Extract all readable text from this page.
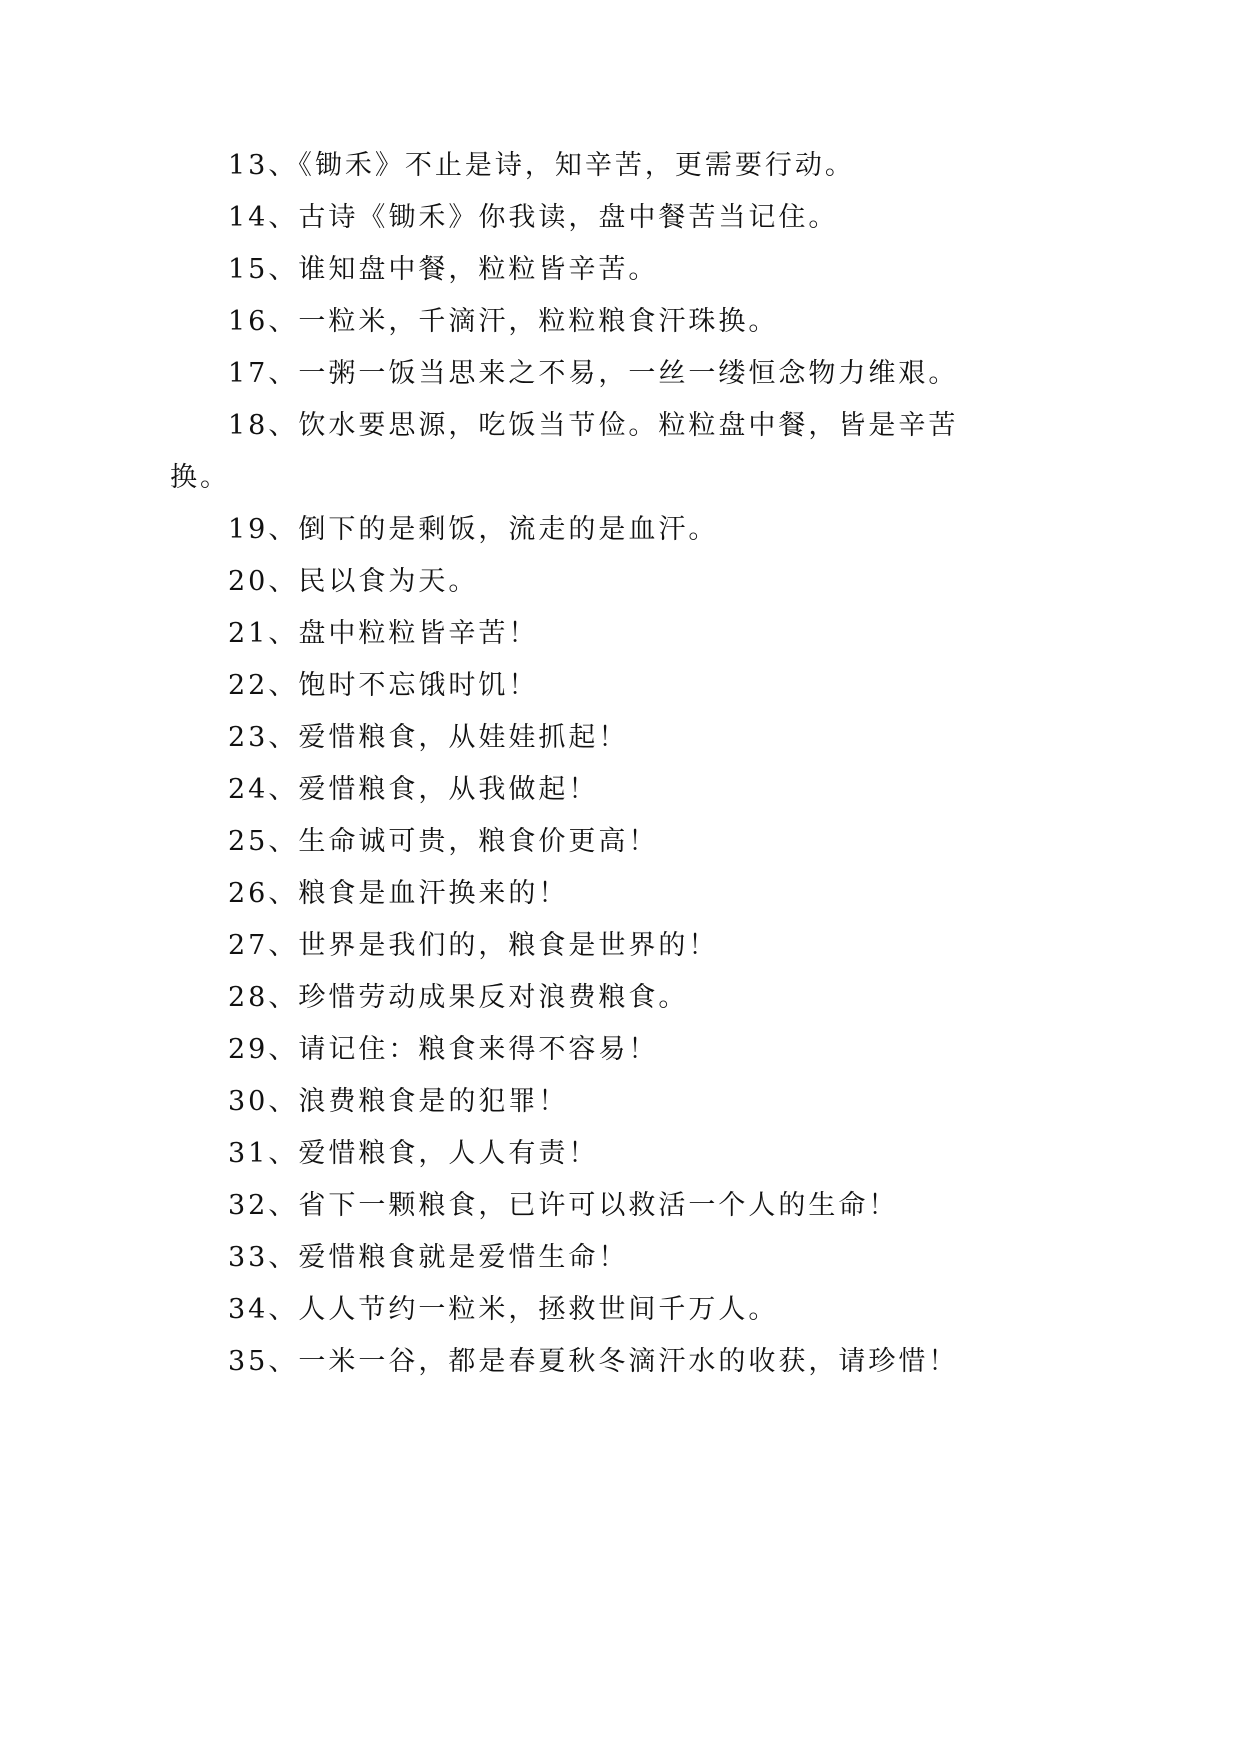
13、《锄禾》不止是诗，知辛苦，更需要行动。

14、古诗《锄禾》你我读，盘中餐苦当记住。

15、谁知盘中餐，粒粒皆辛苦。

16、一粒米，千滴汗，粒粒粮食汗珠换。

17、一粥一饭当思来之不易，一丝一缕恒念物力维艰。

18、饮水要思源，吃饭当节俭。粒粒盘中餐，皆是辛苦换。

19、倒下的是剩饭，流走的是血汗。

20、民以食为天。

21、盘中粒粒皆辛苦！

22、饱时不忘饿时饥！

23、爱惜粮食，从娃娃抓起！

24、爱惜粮食，从我做起！

25、生命诚可贵，粮食价更高！

26、粮食是血汗换来的！

27、世界是我们的，粮食是世界的！

28、珍惜劳动成果反对浪费粮食。

29、请记住：粮食来得不容易！

30、浪费粮食是的犯罪！

31、爱惜粮食，人人有责！

32、省下一颗粮食，已许可以救活一个人的生命！

33、爱惜粮食就是爱惜生命！

34、人人节约一粒米，拯救世间千万人。

35、一米一谷，都是春夏秋冬滴汗水的收获，请珍惜！
